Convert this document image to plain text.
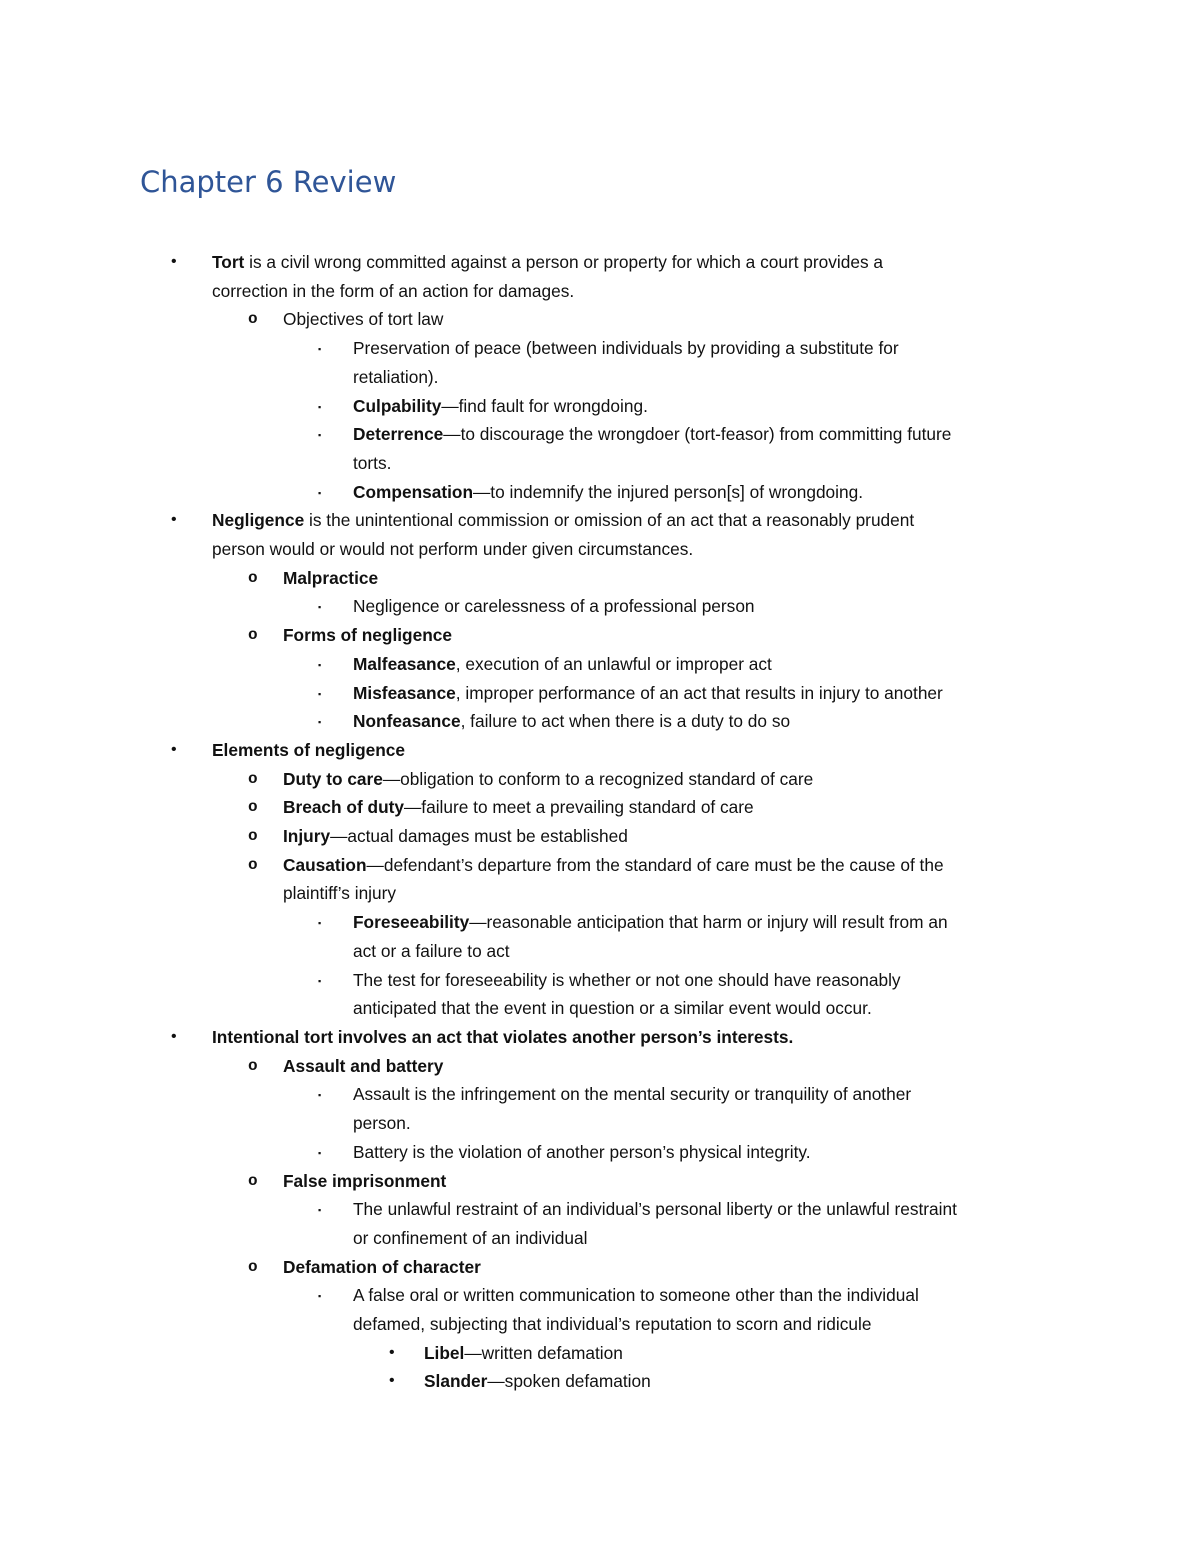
Chapter 6 Review
• Tort is a civil wrong committed against a person or property for which a court provides a
correction in the form of an action for damages.
o Objectives of tort law
▪ Preservation of peace (between individuals by providing a substitute for
retaliation).
▪ Culpability—find fault for wrongdoing.
▪ Deterrence—to discourage the wrongdoer (tort-feasor) from committing future
torts.
▪ Compensation—to indemnify the injured person[s] of wrongdoing.
• Negligence is the unintentional commission or omission of an act that a reasonably prudent
person would or would not perform under given circumstances.
o Malpractice
▪ Negligence or carelessness of a professional person
o Forms of negligence
▪ Malfeasance, execution of an unlawful or improper act
▪ Misfeasance, improper performance of an act that results in injury to another
▪ Nonfeasance, failure to act when there is a duty to do so
• Elements of negligence
o Duty to care—obligation to conform to a recognized standard of care
o Breach of duty—failure to meet a prevailing standard of care
o Injury—actual damages must be established
o Causation—defendant’s departure from the standard of care must be the cause of the
plaintiff’s injury
▪ Foreseeability—reasonable anticipation that harm or injury will result from an
act or a failure to act
▪ The test for foreseeability is whether or not one should have reasonably
anticipated that the event in question or a similar event would occur.
• Intentional tort involves an act that violates another person’s interests.
o Assault and battery
▪ Assault is the infringement on the mental security or tranquility of another
person.
▪ Battery is the violation of another person’s physical integrity.
o False imprisonment
▪ The unlawful restraint of an individual’s personal liberty or the unlawful restraint
or confinement of an individual
o Defamation of character
▪ A false oral or written communication to someone other than the individual
defamed, subjecting that individual’s reputation to scorn and ridicule
• Libel—written defamation
• Slander—spoken defamation
